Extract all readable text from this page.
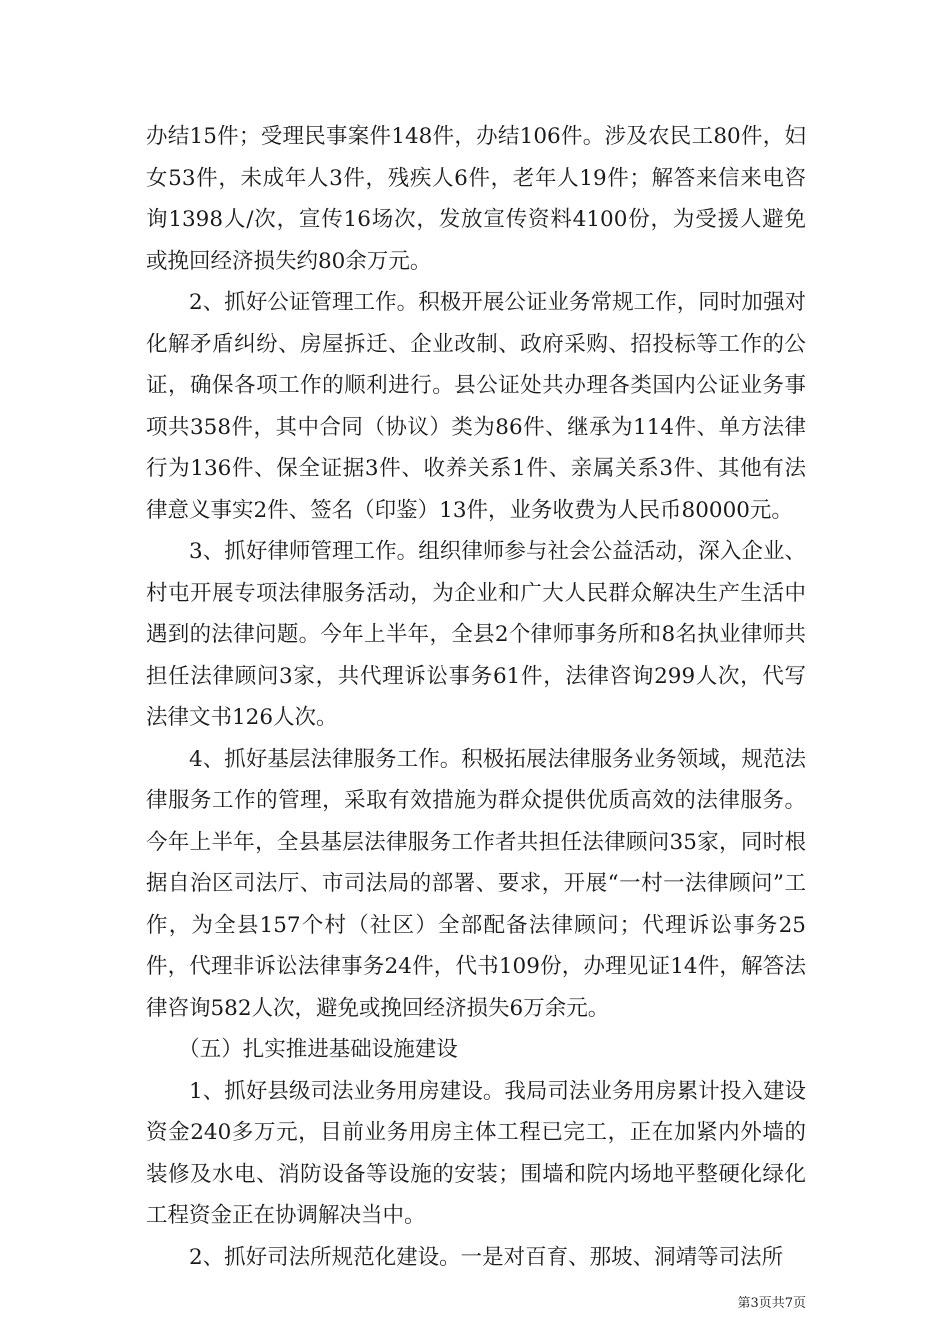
办结15件；受理民事案件148件，办结106件。涉及农民工80件，妇女53件，未成年人3件，残疾人6件，老年人19件；解答来信来电咨询1398人/次，宣传16场次，发放宣传资料4100份，为受援人避免或挽回经济损失约80余万元。

2、抓好公证管理工作。积极开展公证业务常规工作，同时加强对化解矛盾纠纷、房屋拆迁、企业改制、政府采购、招投标等工作的公证，确保各项工作的顺利进行。县公证处共办理各类国内公证业务事项共358件，其中合同（协议）类为86件、继承为114件、单方法律行为136件、保全证据3件、收养关系1件、亲属关系3件、其他有法律意义事实2件、签名（印鉴）13件，业务收费为人民币80000元。

3、抓好律师管理工作。组织律师参与社会公益活动，深入企业、村屯开展专项法律服务活动，为企业和广大人民群众解决生产生活中遇到的法律问题。今年上半年，全县2个律师事务所和8名执业律师共担任法律顾问3家，共代理诉讼事务61件，法律咨询299人次，代写法律文书126人次。

4、抓好基层法律服务工作。积极拓展法律服务业务领域，规范法律服务工作的管理，采取有效措施为群众提供优质高效的法律服务。今年上半年，全县基层法律服务工作者共担任法律顾问35家，同时根据自治区司法厅、市司法局的部署、要求，开展“一村一法律顾问”工作，为全县157个村（社区）全部配备法律顾问；代理诉讼事务25件，代理非诉讼法律事务24件，代书109份，办理见证14件，解答法律咨询582人次，避免或挽回经济损失6万余元。

（五）扎实推进基础设施建设

1、抓好县级司法业务用房建设。我局司法业务用房累计投入建设资金240多万元，目前业务用房主体工程已完工，正在加紧内外墙的装修及水电、消防设备等设施的安装；围墙和院内场地平整硬化绿化工程资金正在协调解决当中。

2、抓好司法所规范化建设。一是对百育、那坡、洞靖等司法所

第3页共7页
